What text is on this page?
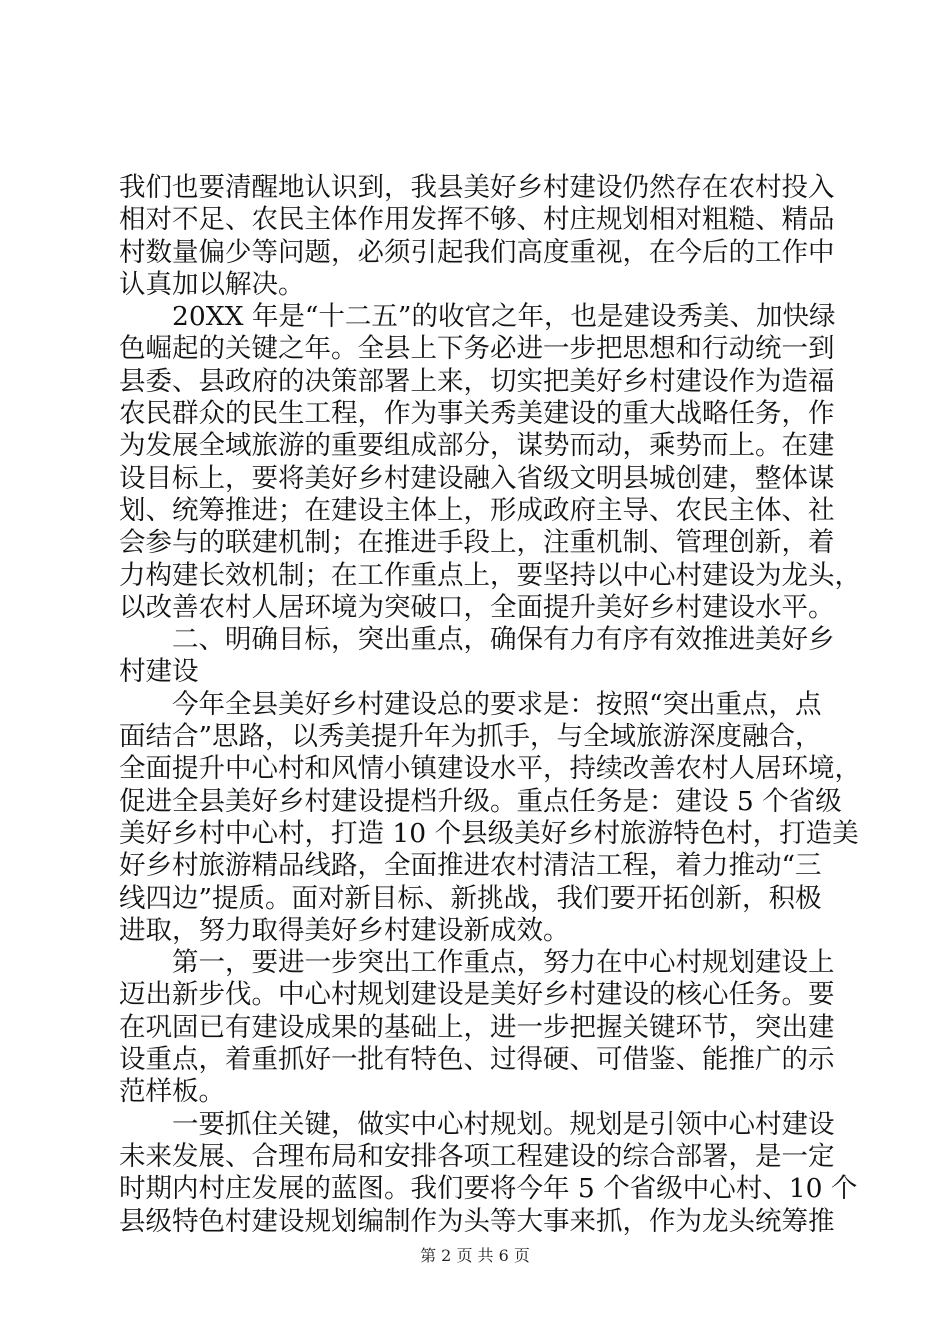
我们也要清醒地认识到，我县美好乡村建设仍然存在农村投入
相对不足、农民主体作用发挥不够、村庄规划相对粗糙、精品
村数量偏少等问题，必须引起我们高度重视，在今后的工作中
认真加以解决。
20XX 年是“十二五”的收官之年，也是建设秀美、加快绿
色崛起的关键之年。全县上下务必进一步把思想和行动统一到
县委、县政府的决策部署上来，切实把美好乡村建设作为造福
农民群众的民生工程，作为事关秀美建设的重大战略任务，作
为发展全域旅游的重要组成部分，谋势而动，乘势而上。在建
设目标上，要将美好乡村建设融入省级文明县城创建，整体谋
划、统筹推进；在建设主体上，形成政府主导、农民主体、社
会参与的联建机制；在推进手段上，注重机制、管理创新，着
力构建长效机制；在工作重点上，要坚持以中心村建设为龙头，
以改善农村人居环境为突破口，全面提升美好乡村建设水平。
二、明确目标，突出重点，确保有力有序有效推进美好乡
村建设
今年全县美好乡村建设总的要求是：按照“突出重点，点
面结合”思路，以秀美提升年为抓手，与全域旅游深度融合，
全面提升中心村和风情小镇建设水平，持续改善农村人居环境，
促进全县美好乡村建设提档升级。重点任务是：建设 5 个省级
美好乡村中心村，打造 10 个县级美好乡村旅游特色村，打造美
好乡村旅游精品线路，全面推进农村清洁工程，着力推动“三
线四边”提质。面对新目标、新挑战，我们要开拓创新，积极
进取，努力取得美好乡村建设新成效。
第一，要进一步突出工作重点，努力在中心村规划建设上
迈出新步伐。中心村规划建设是美好乡村建设的核心任务。要
在巩固已有建设成果的基础上，进一步把握关键环节，突出建
设重点，着重抓好一批有特色、过得硬、可借鉴、能推广的示
范样板。
一要抓住关键，做实中心村规划。规划是引领中心村建设
未来发展、合理布局和安排各项工程建设的综合部署，是一定
时期内村庄发展的蓝图。我们要将今年 5 个省级中心村、10 个
县级特色村建设规划编制作为头等大事来抓，作为龙头统筹推
第 2 页 共 6 页
